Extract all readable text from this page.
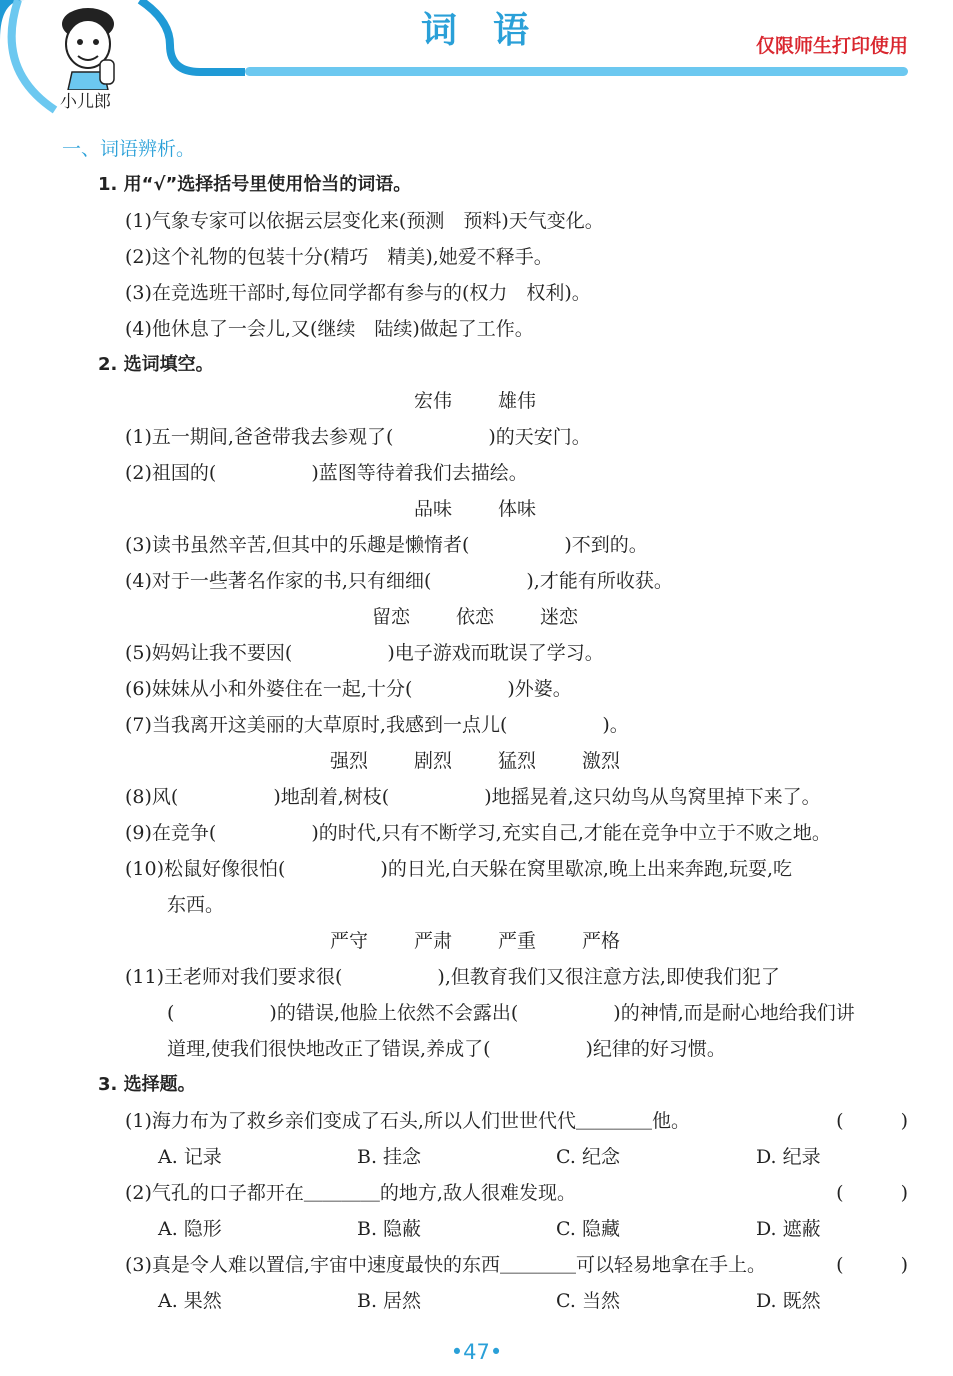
小儿郎
词　语	仅限师生打印使用
一、词语辨析。
1. 用“√”选择括号里使用恰当的词语。
(1)气象专家可以依据云层变化来(预测　预料)天气变化。
(2)这个礼物的包装十分(精巧　精美),她爱不释手。
(3)在竞选班干部时,每位同学都有参与的(权力　权利)。
(4)他休息了一会儿,又(继续　陆续)做起了工作。
2. 选词填空。
宏伟 雄伟
(1)五一期间,爸爸带我去参观了(　　　　　)的天安门。
(2)祖国的(　　　　　)蓝图等待着我们去描绘。
品味 体味
(3)读书虽然辛苦,但其中的乐趣是懒惰者(　　　　　)不到的。
(4)对于一些著名作家的书,只有细细(　　　　　),才能有所收获。
留恋 依恋 迷恋
(5)妈妈让我不要因(　　　　　)电子游戏而耽误了学习。
(6)妹妹从小和外婆住在一起,十分(　　　　　)外婆。
(7)当我离开这美丽的大草原时,我感到一点儿(　　　　　)。
强烈 剧烈 猛烈 激烈
(8)风(　　　　　)地刮着,树枝(　　　　　)地摇晃着,这只幼鸟从鸟窝里掉下来了。
(9)在竞争(　　　　　)的时代,只有不断学习,充实自己,才能在竞争中立于不败之地。
(10)松鼠好像很怕(　　　　　)的日光,白天躲在窝里歇凉,晚上出来奔跑,玩耍,吃
东西。
严守 严肃 严重 严格
(11)王老师对我们要求很(　　　　　),但教育我们又很注意方法,即使我们犯了
(　　　　　)的错误,他脸上依然不会露出(　　　　　)的神情,而是耐心地给我们讲
道理,使我们很快地改正了错误,养成了(　　　　　)纪律的好习惯。
3. 选择题。
(1)海力布为了救乡亲们变成了石头,所以人们世世代代＿＿＿＿他。	(　　　)
A. 记录	B. 挂念	C. 纪念	D. 纪录
(2)气孔的口子都开在＿＿＿＿的地方,敌人很难发现。	(　　　)
A. 隐形	B. 隐蔽	C. 隐藏	D. 遮蔽
(3)真是令人难以置信,宇宙中速度最快的东西＿＿＿＿可以轻易地拿在手上。	(　　　)
A. 果然	B. 居然	C. 当然	D. 既然
•47•
